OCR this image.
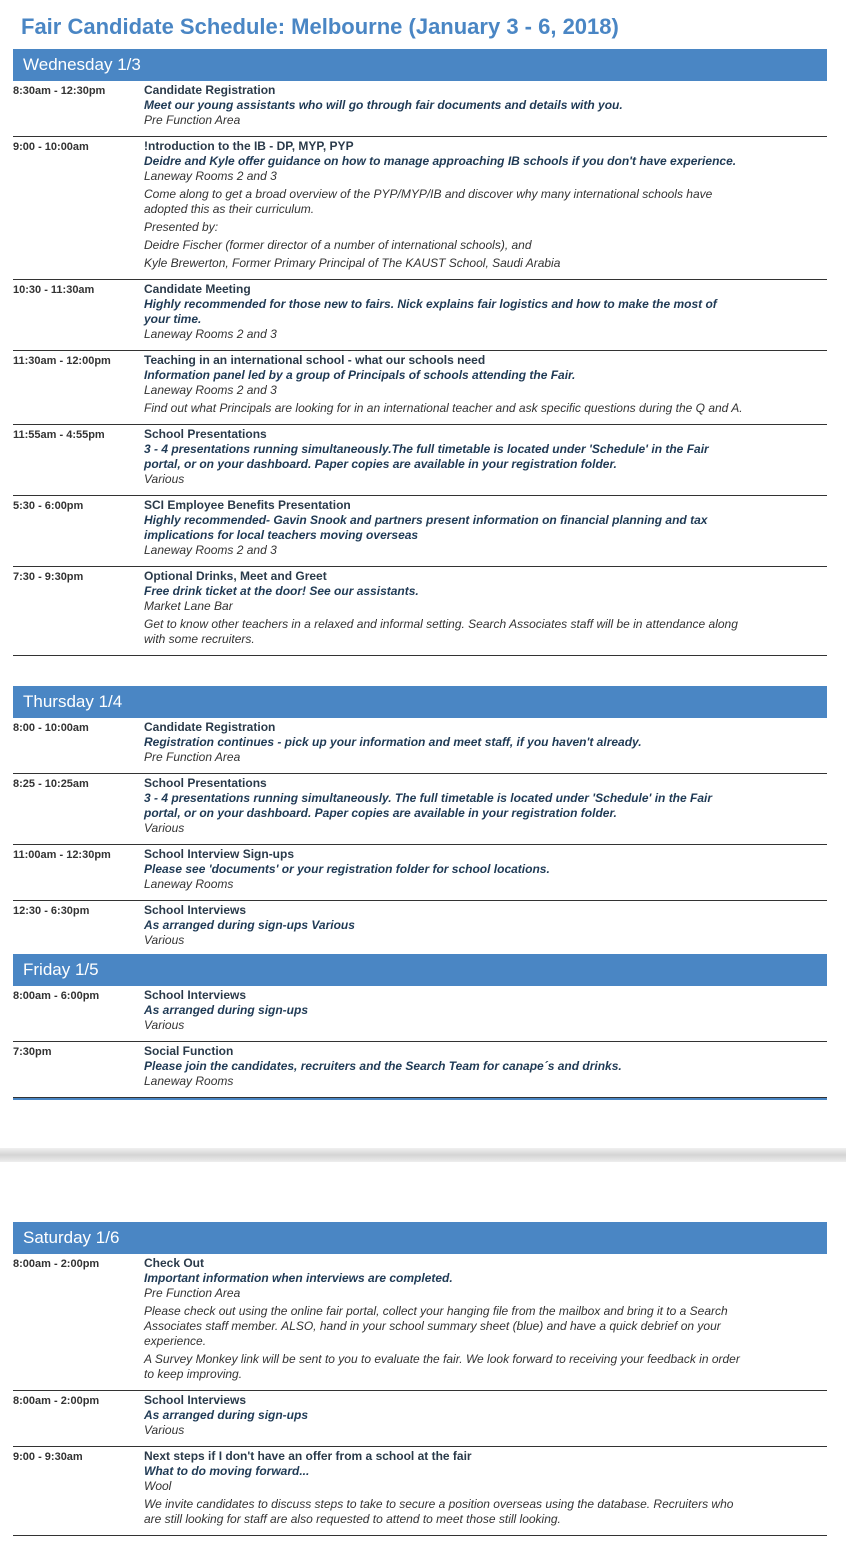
Fair Candidate Schedule: Melbourne (January 3 - 6, 2018)
Wednesday 1/3
8:30am - 12:30pm	Candidate Registration
Meet our young assistants who will go through fair documents and details with you.
Pre Function Area
9:00 - 10:00am	!ntroduction to the IB - DP, MYP, PYP
Deidre and Kyle offer guidance on how to manage approaching IB schools if you don't have experience.
Laneway Rooms 2 and 3
Come along to get a broad overview of the PYP/MYP/IB and discover why many international schools have adopted this as their curriculum.
Presented by:
Deidre Fischer (former director of a number of international schools), and
Kyle Brewerton, Former Primary Principal of The KAUST School, Saudi Arabia
10:30 - 11:30am	Candidate Meeting
Highly recommended for those new to fairs. Nick explains fair logistics and how to make the most of your time.
Laneway Rooms 2 and 3
11:30am - 12:00pm	Teaching in an international school - what our schools need
Information panel led by a group of Principals of schools attending the Fair.
Laneway Rooms 2 and 3
Find out what Principals are looking for in an international teacher and ask specific questions during the Q and A.
11:55am - 4:55pm	School Presentations
3 - 4 presentations running simultaneously.The full timetable is located under 'Schedule' in the Fair portal, or on your dashboard. Paper copies are available in your registration folder.
Various
5:30 - 6:00pm	SCI Employee Benefits Presentation
Highly recommended- Gavin Snook and partners present information on financial planning and tax implications for local teachers moving overseas
Laneway Rooms 2 and 3
7:30 - 9:30pm	Optional Drinks, Meet and Greet
Free drink ticket at the door! See our assistants.
Market Lane Bar
Get to know other teachers in a relaxed and informal setting. Search Associates staff will be in attendance along with some recruiters.
Thursday 1/4
8:00 - 10:00am	Candidate Registration
Registration continues - pick up your information and meet staff, if you haven't already.
Pre Function Area
8:25 - 10:25am	School Presentations
3 - 4 presentations running simultaneously. The full timetable is located under 'Schedule' in the Fair portal, or on your dashboard. Paper copies are available in your registration folder.
Various
11:00am - 12:30pm	School Interview Sign-ups
Please see 'documents' or your registration folder for school locations.
Laneway Rooms
12:30 - 6:30pm	School Interviews
As arranged during sign-ups Various
Various
Friday 1/5
8:00am - 6:00pm	School Interviews
As arranged during sign-ups
Various
7:30pm	Social Function
Please join the candidates, recruiters and the Search Team for canape´s and drinks.
Laneway Rooms
Saturday 1/6
8:00am - 2:00pm	Check Out
Important information when interviews are completed.
Pre Function Area
Please check out using the online fair portal, collect your hanging file from the mailbox and bring it to a Search Associates staff member. ALSO, hand in your school summary sheet (blue) and have a quick debrief on your experience.
A Survey Monkey link will be sent to you to evaluate the fair. We look forward to receiving your feedback in order to keep improving.
8:00am - 2:00pm	School Interviews
As arranged during sign-ups
Various
9:00 - 9:30am	Next steps if I don't have an offer from a school at the fair
What to do moving forward...
Wool
We invite candidates to discuss steps to take to secure a position overseas using the database. Recruiters who are still looking for staff are also requested to attend to meet those still looking.
